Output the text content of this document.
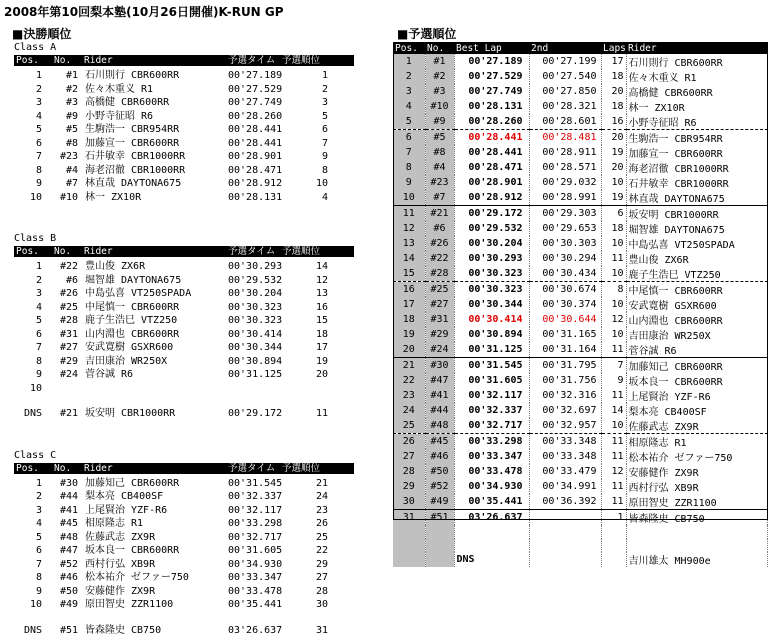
2008年第10回梨本塾(10月26日開催)K-RUN GP
■決勝順位
Class A
Pos. No. Rider	予選タイム 予選順位
1 #1 石川則行 CBR600RR	00'27.189	1
2 #2 佐々木重义 R1	00'27.529	2
3 #3 高橋健 CBR600RR	00'27.749	3
4 #9 小野寺征昭 R6	00'28.260	5
5 #5 生駒浩一 CBR954RR	00'28.441	6
6 #8 加藤宣一 CBR600RR	00'28.441	7
7 #23 石井敏幸 CBR1000RR	00'28.901	9
8 #4 海老沼徹 CBR1000RR	00'28.471	8
9 #7 林直哉 DAYTONA675	00'28.912	10
10 #10 林一 ZX10R	00'28.131	4
Class B
Pos. No. Rider	予選タイム 予選順位
1 #22 豊山俊 ZX6R	00'30.293	14
2 #6 堀智雄 DAYTONA675	00'29.532	12
3 #26 中島弘喜 VT250SPADA	00'30.204	13
4 #25 中尾慎一 CBR600RR	00'30.323	16
5 #28 鹿子生浩巳 VTZ250	00'30.323	15
6 #31 山内淵也 CBR600RR	00'30.414	18
7 #27 安武寛樹 GSXR600	00'30.344	17
8 #29 吉田康治 WR250X	00'30.894	19
9 #24 菅谷誠 R6	00'31.125	20
10
DNS #21 坂安明 CBR1000RR	00'29.172	11
Class C
Pos. No. Rider	予選タイム 予選順位
1 #30 加藤知己 CBR600RR	00'31.545	21
2 #44 梨本亮 CB400SF	00'32.337	24
3 #41 上尾賢治 YZF-R6	00'32.117	23
4 #45 相原隆志 R1	00'33.298	26
5 #48 佐藤武志 ZX9R	00'32.717	25
6 #47 坂本良一 CBR600RR	00'31.605	22
7 #52 西村行弘 XB9R	00'34.930	29
8 #46 松本祐介 ゼファー750	00'33.347	27
9 #50 安藤健作 ZX9R	00'33.478	28
10 #49 原田智史 ZZR1100	00'35.441	30
DNS #51 皆森隆史 CB750	03'26.637	31
■予選順位
Pos.	No.	Best Lap	2nd	Laps	Rider
1	#1	00'27.189	00'27.199	17	石川則行 CBR600RR
2	#2	00'27.529	00'27.540	18	佐々木重义 R1
3	#3	00'27.749	00'27.850	20	高橋健 CBR600RR
4	#10	00'28.131	00'28.321	18	林一 ZX10R
5	#9	00'28.260	00'28.601	16	小野寺征昭 R6
6	#5	00'28.441	00'28.481	20	生駒浩一 CBR954RR
7	#8	00'28.441	00'28.911	19	加藤宣一 CBR600RR
8	#4	00'28.471	00'28.571	20	海老沼徹 CBR1000RR
9	#23	00'28.901	00'29.032	10	石井敏幸 CBR1000RR
10	#7	00'28.912	00'28.991	19	林直哉 DAYTONA675
11	#21	00'29.172	00'29.303	6	坂安明 CBR1000RR
12	#6	00'29.532	00'29.653	18	堀智雄 DAYTONA675
13	#26	00'30.204	00'30.303	10	中島弘喜 VT250SPADA
14	#22	00'30.293	00'30.294	11	豊山俊 ZX6R
15	#28	00'30.323	00'30.434	10	鹿子生浩巳 VTZ250
16	#25	00'30.323	00'30.674	8	中尾慎一 CBR600RR
17	#27	00'30.344	00'30.374	10	安武寛樹 GSXR600
18	#31	00'30.414	00'30.644	12	山内淵也 CBR600RR
19	#29	00'30.894	00'31.165	10	吉田康治 WR250X
20	#24	00'31.125	00'31.164	11	菅谷誠 R6
21	#30	00'31.545	00'31.795	7	加藤知己 CBR600RR
22	#47	00'31.605	00'31.756	9	坂本良一 CBR600RR
23	#41	00'32.117	00'32.316	11	上尾賢治 YZF-R6
24	#44	00'32.337	00'32.697	14	梨本亮 CB400SF
25	#48	00'32.717	00'32.957	10	佐藤武志 ZX9R
26	#45	00'33.298	00'33.348	11	相原隆志 R1
27	#46	00'33.347	00'33.348	11	松本祐介 ゼファー750
28	#50	00'33.478	00'33.479	12	安藤健作 ZX9R
29	#52	00'34.930	00'34.991	11	西村行弘 XB9R
30	#49	00'35.441	00'36.392	11	原田智史 ZZR1100
31	#51	03'26.637		1	皆森隆史 CB750

		DNS			吉川雄太 MH900e
